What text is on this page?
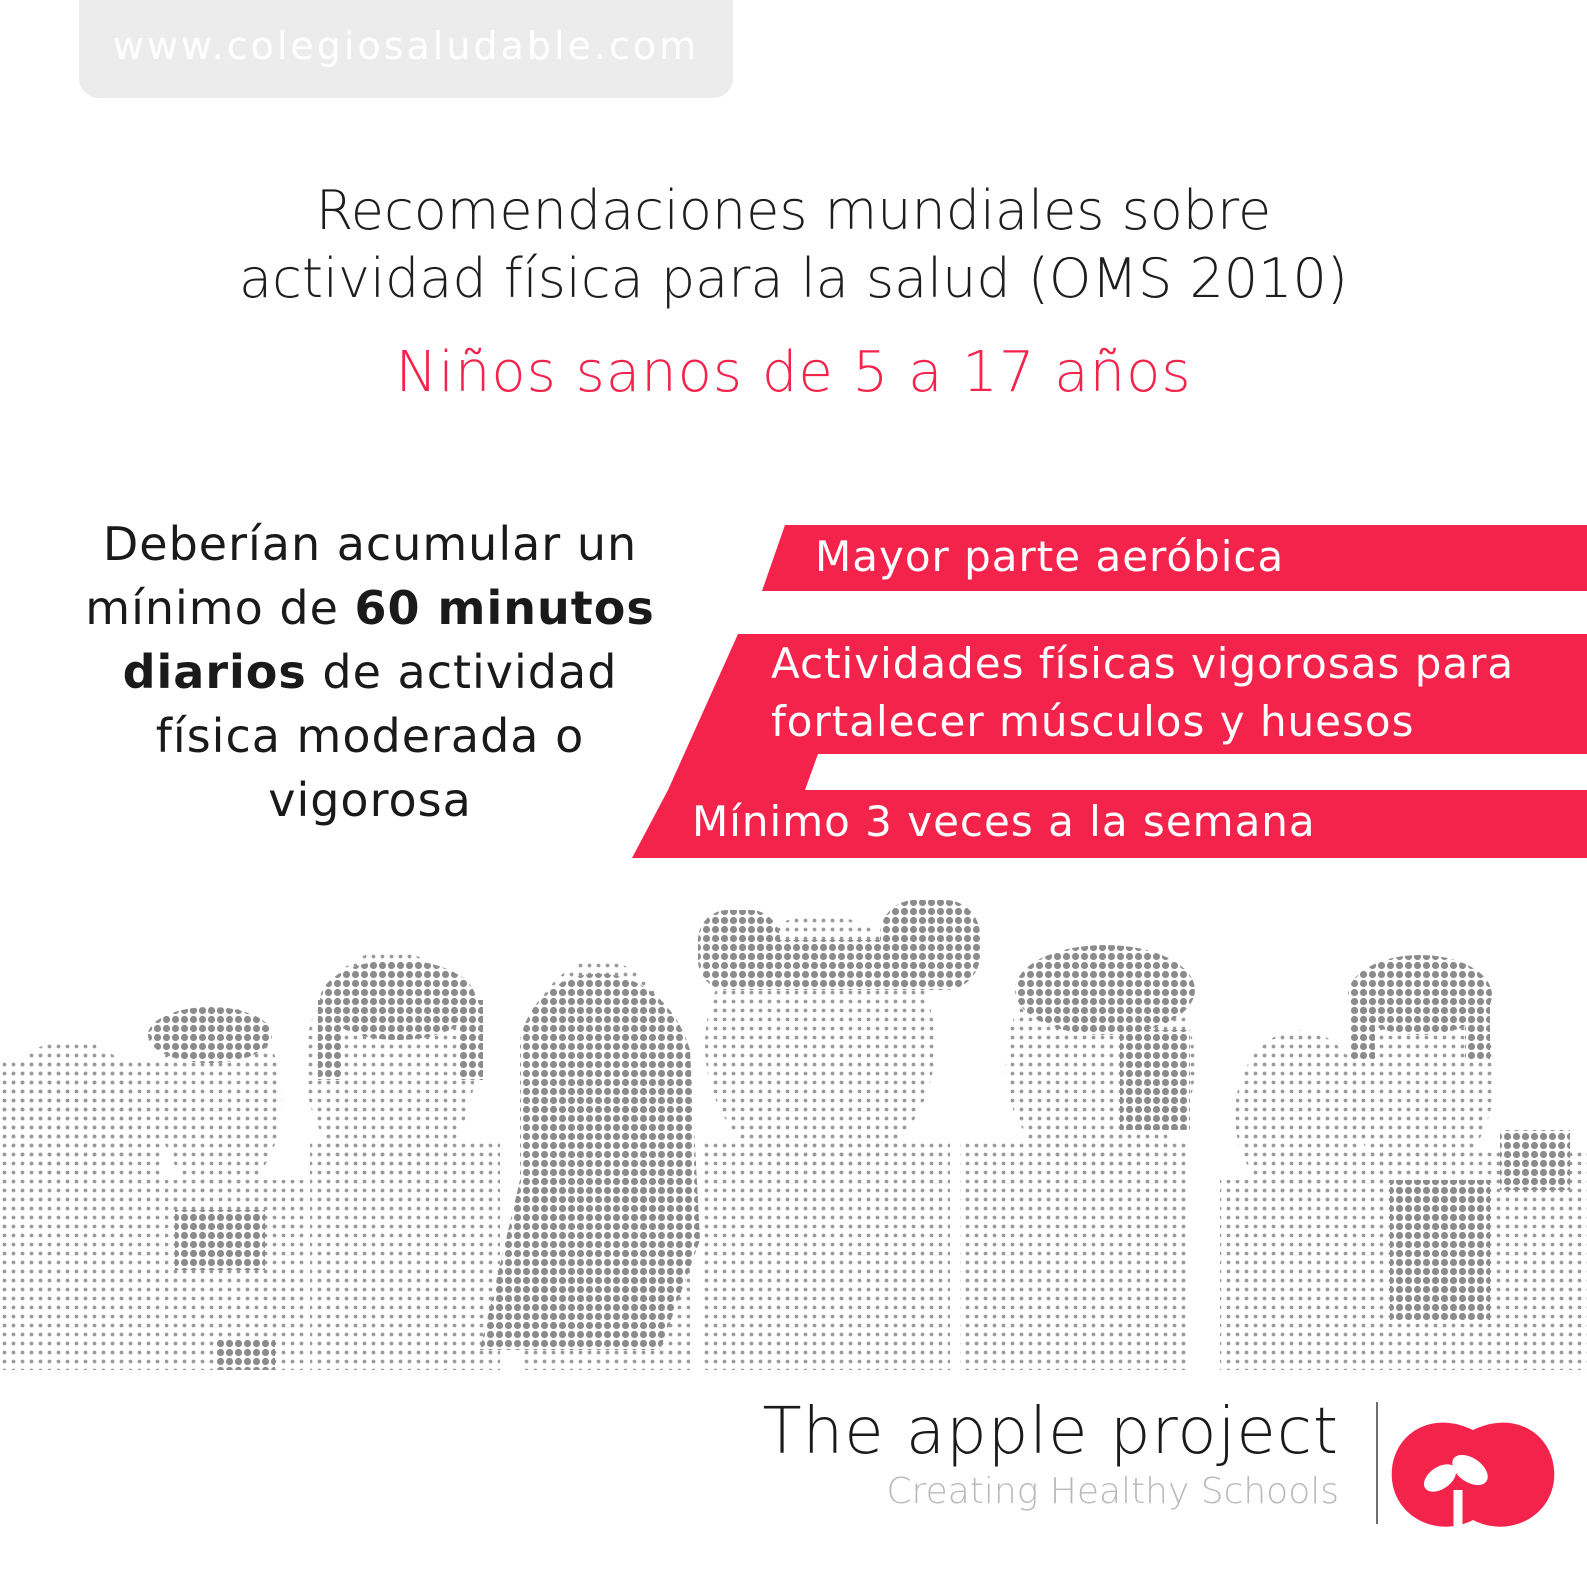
www.colegiosaludable.com
Recomendaciones mundiales sobre
actividad física para la salud (OMS 2010)
Niños sanos de 5 a 17 años
Deberían acumular un mínimo de 60 minutos diarios de actividad física moderada o vigorosa
Mayor parte aeróbica
Actividades físicas vigorosas para
fortalecer músculos y huesos
Mínimo 3 veces a la semana
The apple project
Creating Healthy Schools
